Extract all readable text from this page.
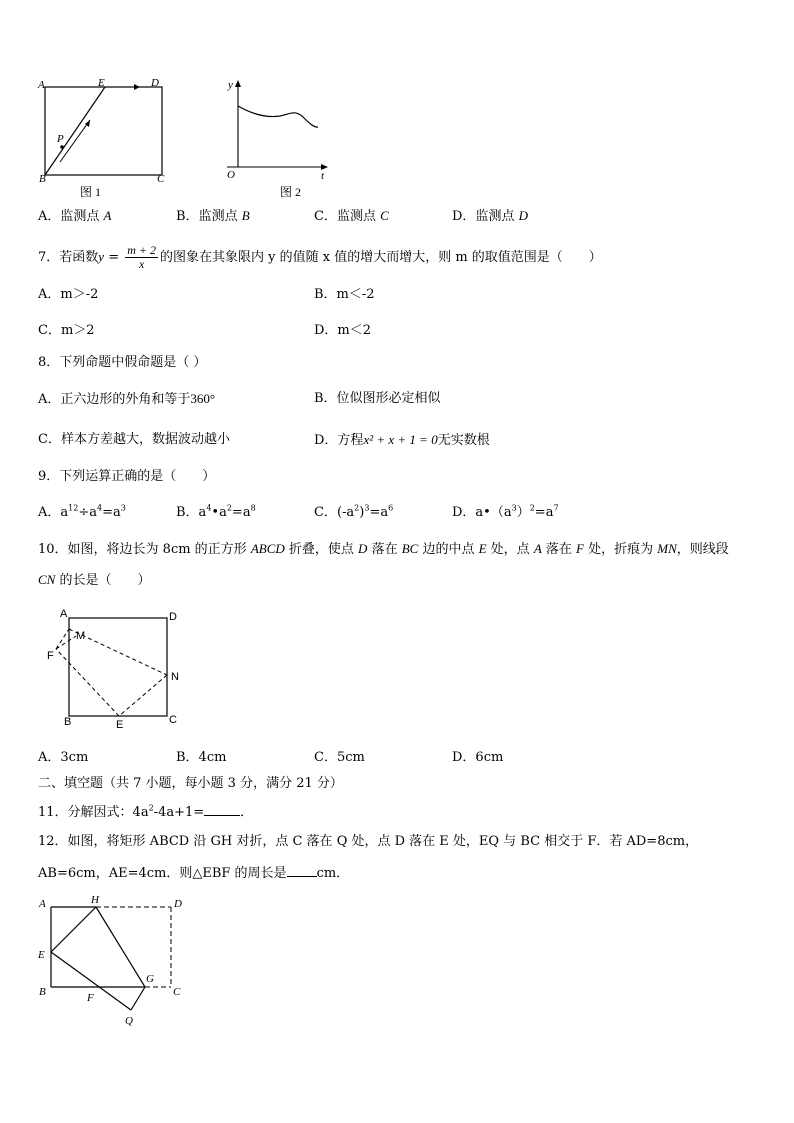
A	E	D
P
B	C
图 1
y
O	t
图 2
A．监测点 A	B．监测点 B	C．监测点 C	D．监测点 D
7．若函数$y = \frac{m + 2}{x}$ 的图象在其象限内 y 的值随 x 值的增大而增大，则 m 的取值范围是（　　）
A．m＞-2	B．m＜-2
C．m＞2	D．m＜2
8．下列命题中假命题是（ ）
A．正六边形的外角和等于360°	B．位似图形必定相似
C．样本方差越大，数据波动越小	D．方程x² + x + 1 = 0无实数根
9．下列运算正确的是（　　）
A．$a^{12}\div a^4=a^3$	B．$a^4•a^2=a^8$	C．$(-a^2)^3=a^6$	D．$a•(a^3)^2=a^7$
10．如图，将边长为 8cm 的正方形 ABCD 折叠，使点 D 落在 BC 边的中点 E 处，点 A 落在 F 处，折痕为 MN，则线段
CN 的长是（　　）
A	D
M
F
N
B	E	C
A．3cm	B．4cm	C．5cm	D．6cm
二、填空题（共 7 小题，每小题 3 分，满分 21 分）
11．分解因式：$4a^2-4a+1=$	．
12．如图，将矩形 ABCD 沿 GH 对折，点 C 落在 Q 处，点 D 落在 E 处，EQ 与 BC 相交于 F．若 AD=8cm，
AB=6cm，AE=4cm．则△EBF 的周长是 cm．
A	H	D
E
G
B	F	C
Q
